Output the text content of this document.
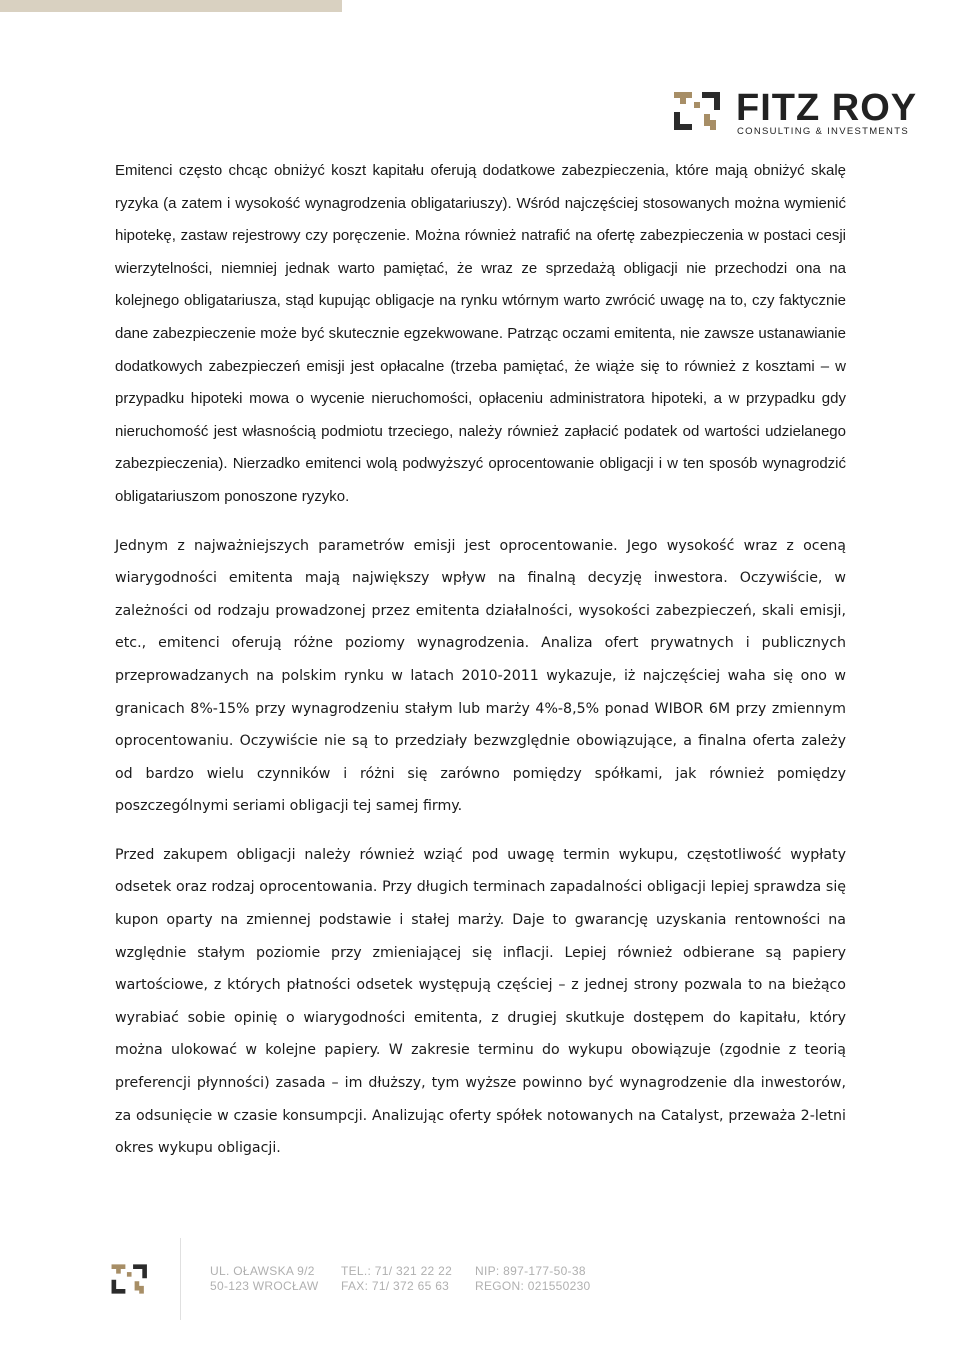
FITZ ROY
CONSULTING & INVESTMENTS

Emitenci często chcąc obniżyć koszt kapitału oferują dodatkowe zabezpieczenia, które mają obniżyć skalę ryzyka (a zatem i wysokość wynagrodzenia obligatariuszy). Wśród najczęściej stosowanych można wymienić hipotekę, zastaw rejestrowy czy poręczenie. Można również natrafić na ofertę zabezpieczenia w postaci cesji wierzytelności, niemniej jednak warto pamiętać, że wraz ze sprzedażą obligacji nie przechodzi ona na kolejnego obligatariusza, stąd kupując obligacje na rynku wtórnym warto zwrócić uwagę na to, czy faktycznie dane zabezpieczenie może być skutecznie egzekwowane. Patrząc oczami emitenta, nie zawsze ustanawianie dodatkowych zabezpieczeń emisji jest opłacalne (trzeba pamiętać, że wiąże się to również z kosztami – w przypadku hipoteki mowa o wycenie nieruchomości, opłaceniu administratora hipoteki, a w przypadku gdy nieruchomość jest własnością podmiotu trzeciego, należy również zapłacić podatek od wartości udzielanego zabezpieczenia). Nierzadko emitenci wolą podwyższyć oprocentowanie obligacji i w ten sposób wynagrodzić obligatariuszom ponoszone ryzyko.

Jednym z najważniejszych parametrów emisji jest oprocentowanie. Jego wysokość wraz z oceną wiarygodności emitenta mają największy wpływ na finalną decyzję inwestora. Oczywiście, w zależności od rodzaju prowadzonej przez emitenta działalności, wysokości zabezpieczeń, skali emisji, etc., emitenci oferują różne poziomy wynagrodzenia. Analiza ofert prywatnych i publicznych przeprowadzanych na polskim rynku w latach 2010-2011 wykazuje, iż najczęściej waha się ono w granicach 8%-15% przy wynagrodzeniu stałym lub marży 4%-8,5% ponad WIBOR 6M przy zmiennym oprocentowaniu. Oczywiście nie są to przedziały bezwzględnie obowiązujące, a finalna oferta zależy od bardzo wielu czynników i różni się zarówno pomiędzy spółkami, jak również pomiędzy poszczególnymi seriami obligacji tej samej firmy.

Przed zakupem obligacji należy również wziąć pod uwagę termin wykupu, częstotliwość wypłaty odsetek oraz rodzaj oprocentowania. Przy długich terminach zapadalności obligacji lepiej sprawdza się kupon oparty na zmiennej podstawie i stałej marży. Daje to gwarancję uzyskania rentowności na względnie stałym poziomie przy zmieniającej się inflacji. Lepiej również odbierane są papiery wartościowe, z których płatności odsetek występują częściej – z jednej strony pozwala to na bieżąco wyrabiać sobie opinię o wiarygodności emitenta, z drugiej skutkuje dostępem do kapitału, który można ulokować w kolejne papiery. W zakresie terminu do wykupu obowiązuje (zgodnie z teorią preferencji płynności) zasada – im dłuższy, tym wyższe powinno być wynagrodzenie dla inwestorów, za odsunięcie w czasie konsumpcji. Analizując oferty spółek notowanych na Catalyst, przeważa 2-letni okres wykupu obligacji.

UL. OŁAWSKA 9/2
50-123 WROCŁAW
TEL.: 71/ 321 22 22
FAX: 71/ 372 65 63
NIP: 897-177-50-38
REGON: 021550230
